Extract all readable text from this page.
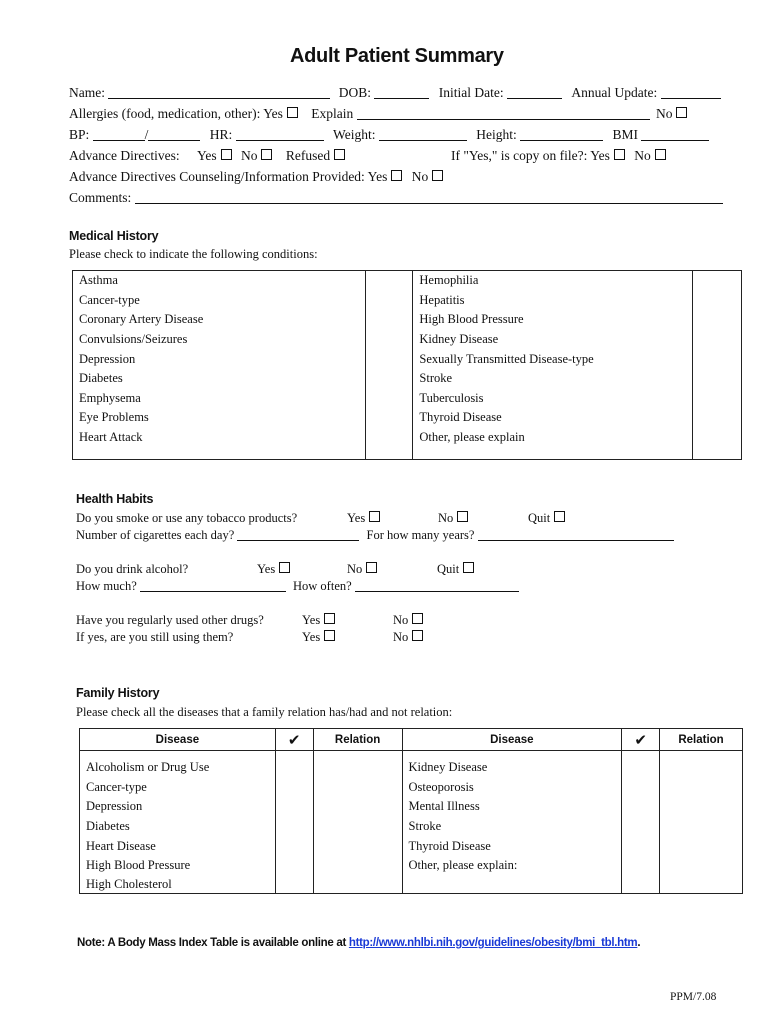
Adult Patient Summary
Name:	DOB:	Initial Date:	Annual Update:
Allergies (food, medication, other): Yes Explain	No
BP:	/	HR:	Weight:	Height:	BMI
Advance Directives: Yes No Refused	If "Yes," is copy on file?: Yes No
Advance Directives Counseling/Information Provided: Yes No
Comments:
Medical History
Please check to indicate the following conditions:
Asthma		Hemophilia	
Cancer-type		Hepatitis	
Coronary Artery Disease		High Blood Pressure	
Convulsions/Seizures		Kidney Disease	
Depression		Sexually Transmitted Disease-type	
Diabetes		Stroke	
Emphysema		Tuberculosis	
Eye Problems		Thyroid Disease	
Heart Attack		Other, please explain	

Health Habits
Do you smoke or use any tobacco products?	Yes	No	Quit
Number of cigarettes each day?	For how many years?
Do you drink alcohol?	Yes	No	Quit
How much?	How often?
Have you regularly used other drugs?	Yes	No
If yes, are you still using them?	Yes	No
Family History
Please check all the diseases that a family relation has/had and not relation:
Disease	✔	Relation	Disease	✔	Relation

Alcoholism or Drug Use			Kidney Disease		
Cancer-type			Osteoporosis		
Depression			Mental Illness		
Diabetes			Stroke		
Heart Disease			Thyroid Disease		
High Blood Pressure			Other, please explain:		
High Cholesterol					
Note: A Body Mass Index Table is available online at http://www.nhlbi.nih.gov/guidelines/obesity/bmi_tbl.htm.
PPM/7.08
